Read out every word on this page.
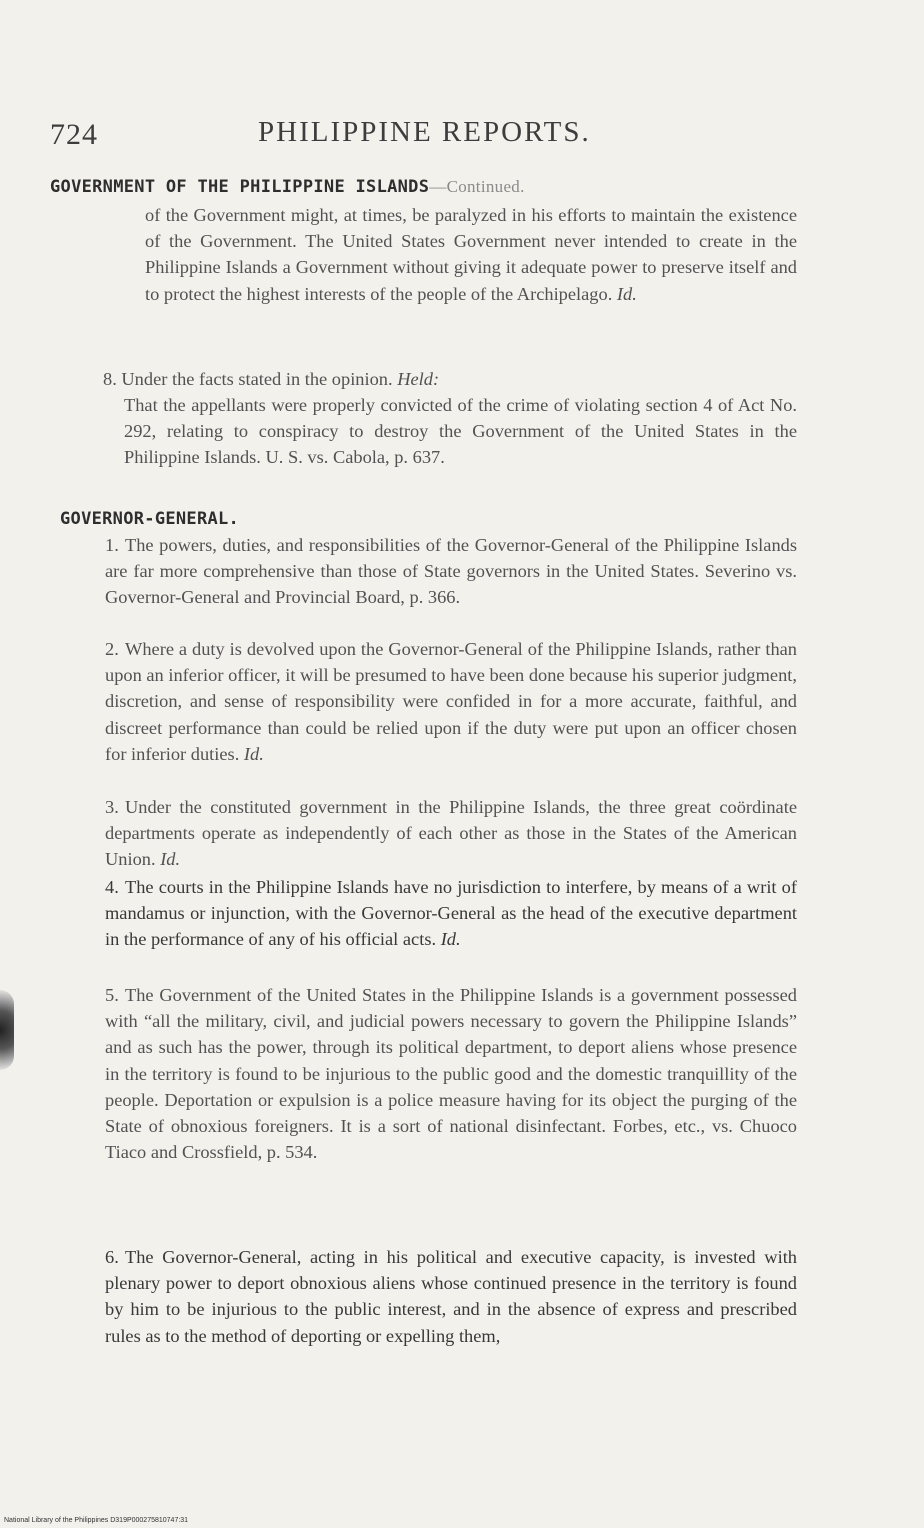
724	PHILIPPINE REPORTS.
GOVERNMENT OF THE PHILIPPINE ISLANDS—Continued.
of the Government might, at times, be paralyzed in his efforts to maintain the existence of the Government. The United States Government never intended to create in the Philippine Islands a Government without giving it adequate power to preserve itself and to protect the highest interests of the people of the Archipelago. Id.
8. Under the facts stated in the opinion. Held:
That the appellants were properly convicted of the crime of violating section 4 of Act No. 292, relating to conspiracy to destroy the Government of the United States in the Philippine Islands. U. S. vs. Cabola, p. 637.
GOVERNOR-GENERAL.
1. The powers, duties, and responsibilities of the Governor-General of the Philippine Islands are far more comprehensive than those of State governors in the United States. Severino vs. Governor-General and Provincial Board, p. 366.
2. Where a duty is devolved upon the Governor-General of the Philippine Islands, rather than upon an inferior officer, it will be presumed to have been done because his superior judgment, discretion, and sense of responsibility were confided in for a more accurate, faithful, and discreet performance than could be relied upon if the duty were put upon an officer chosen for inferior duties. Id.
3. Under the constituted government in the Philippine Islands, the three great coördinate departments operate as independently of each other as those in the States of the American Union. Id.
4. The courts in the Philippine Islands have no jurisdiction to interfere, by means of a writ of mandamus or injunction, with the Governor-General as the head of the executive department in the performance of any of his official acts. Id.
5. The Government of the United States in the Philippine Islands is a government possessed with “all the military, civil, and judicial powers necessary to govern the Philippine Islands” and as such has the power, through its political department, to deport aliens whose presence in the territory is found to be injurious to the public good and the domestic tranquillity of the people. Deportation or expulsion is a police measure having for its object the purging of the State of obnoxious foreigners. It is a sort of national disinfectant. Forbes, etc., vs. Chuoco Tiaco and Crossfield, p. 534.
6. The Governor-General, acting in his political and executive capacity, is invested with plenary power to deport obnoxious aliens whose continued presence in the territory is found by him to be injurious to the public interest, and in the absence of express and prescribed rules as to the method of deporting or expelling them,
National Library of the Philippines D319P000275810747:31
